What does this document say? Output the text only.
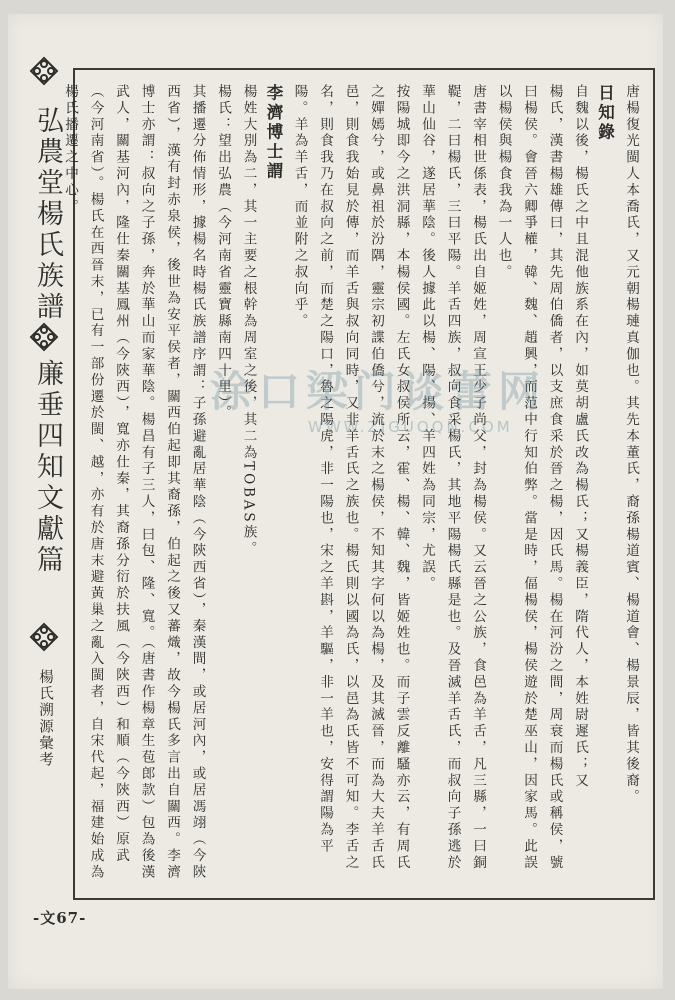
弘農堂楊氏族譜
廉垂四知文獻篇
楊氏溯源彙考	唐楊復光閩人本喬氏，又元朝楊璉真伽也。其先本董氏，裔孫楊道賓、楊道會、楊景辰，皆其後裔。

日知錄

自魏以後，楊氏之中且混他族系在內，如莫胡盧氏改為楊氏；又楊義臣，隋代人，本姓尉遲氏；又

楊氏，漢書楊雄傳曰，其先周伯僑者，以支庶食采於晉之楊，因氏馬。楊在河汾之間，周衰而楊氏或稱侯，號曰楊侯。會晉六卿爭權，韓、魏、趙興，而范中行知伯弊。當是時，偪楊侯，楊侯遊於楚巫山，因家馬。此誤以楊侯與楊食我為一人也。

唐書宰相世係表，楊氏出自姬姓，周宣王少子尚父，封為楊侯。又云晉之公族，食邑為羊舌，凡三縣，一曰銅鞮，二曰楊氏，三曰平陽。羊舌四族，叔向食采楊氏，其地平陽楊氏縣是也。及晉滅羊舌氏，而叔向子孫逃於華山仙谷，遂居華陰。後人據此以楊、陽、揚、羊四姓為同宗，尤誤。

按陽城即今之洪洞縣，本楊侯國。左氏女叔侯所云，霍、楊、韓、魏，皆姬姓也。而子雲反離騷亦云，有周氏之嬋嫣兮，或鼻祖於汾隅，靈宗初諜伯僑兮，流於末之楊侯，不知其字何以為楊，及其滅晉，而為大夫羊舌氏邑，則食我始見於傳，而羊舌與叔向同時，又非羊舌氏之族也。楊氏則以國為氏，以邑為氏皆不可知。李舌之名，則食我乃在叔向之前，而楚之陽口，魯之陽虎，非一陽也，宋之羊斟，羊驅，非一羊也，安得謂陽為平陽。羊為羊舌，而並附之叔向乎。

李濟博士謂

楊姓大別為二，其一主要之根幹為周室之後，其二為TOBAS族。

楊氏：望出弘農（今河南省靈寶縣南四十里）。

其播遷分佈情形，據楊名時楊氏族譜序謂：子孫避亂居華陰（今陝西省），秦漢間，或居河內，或居馮翊（今陝西省），漢有封赤泉侯，後世為安平侯者，關西伯起即其裔孫，伯起之後又蕃熾，故今楊氏多言出自關西。李濟博士亦謂：叔向之子孫，奔於華山而家華陰。楊昌有子三人，曰包、隆、寬。（唐書作楊章生苞郎款）包為後漢武人，關基河內，隆仕秦關基鳳州（今陝西），寬亦仕秦，其裔孫分衍於扶風（今陝西）和順（今陝西）原武（今河南省）。楊氏在西晉末，已有一部份遷於閩、越，亦有於唐末避黃巢之亂入閩者，自宋代起，福建始成為楊氏播遷之中心。

涂口梁门谈蕾网
WWW.ZIGUOQN.COM
-文67-
